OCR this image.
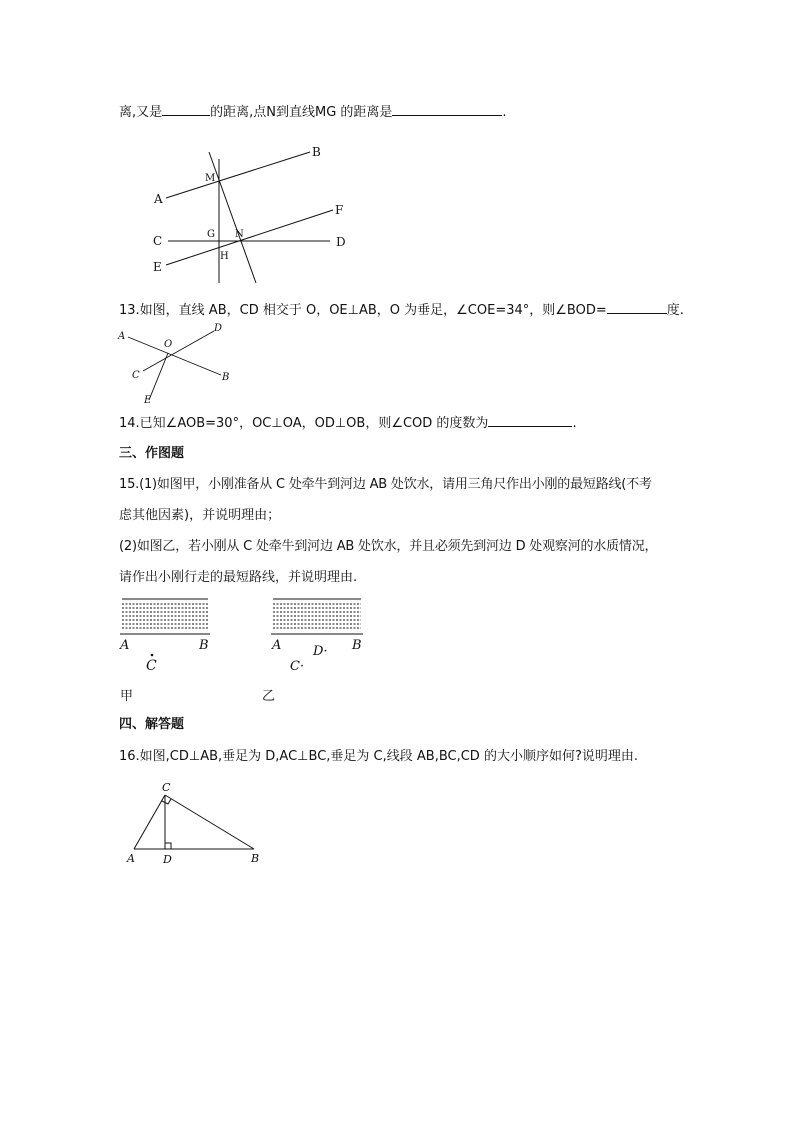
离,又是	的距离,点N到直线MG 的距离是	.
B
A
M
F
C	G N
D
H
E
13.如图，直线 AB，CD 相交于 O，OE⊥AB，O 为垂足，∠COE=34°，则∠BOD=	度.
A
D
O
C	B
E
14.已知∠AOB=30°，OC⊥OA，OD⊥OB，则∠COD 的度数为	.
三、作图题
15.(1)如图甲，小刚准备从 C 处牵牛到河边 AB 处饮水，请用三角尺作出小刚的最短路线(不考
虑其他因素)，并说明理由；
(2)如图乙，若小刚从 C 处牵牛到河边 AB 处饮水，并且必须先到河边 D 处观察河的水质情况，
请作出小刚行走的最短路线，并说明理由.
A	B
C
A	B
D·
C·
甲	乙
四、解答题
16.如图,CD⊥AB,垂足为 D,AC⊥BC,垂足为 C,线段 AB,BC,CD 的大小顺序如何?说明理由.
C
A	D	B
